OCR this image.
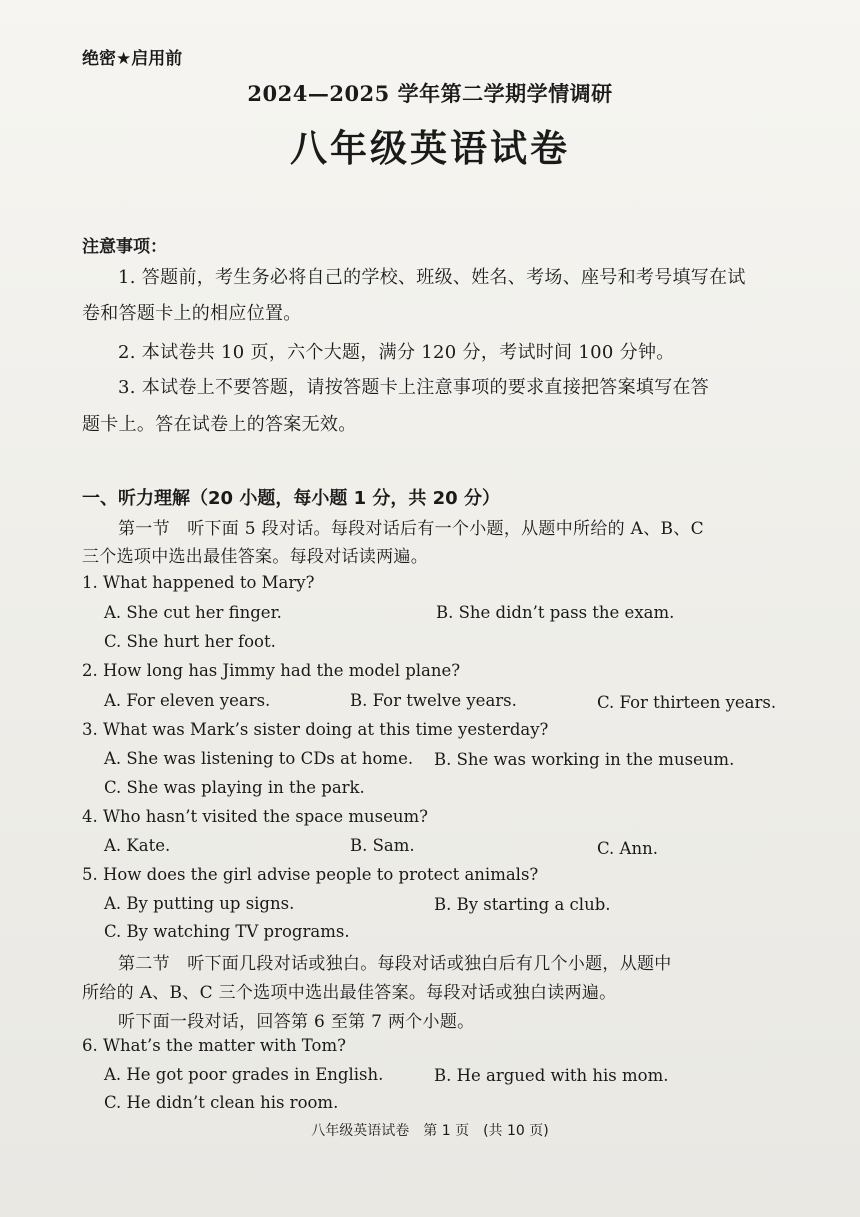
绝密★启用前
2024—2025 学年第二学期学情调研
八年级英语试卷
注意事项：
1. 答题前，考生务必将自己的学校、班级、姓名、考场、座号和考号填写在试
卷和答题卡上的相应位置。
2. 本试卷共 10 页，六个大题，满分 120 分，考试时间 100 分钟。
3. 本试卷上不要答题，请按答题卡上注意事项的要求直接把答案填写在答
题卡上。答在试卷上的答案无效。
一、听力理解（20 小题，每小题 1 分，共 20 分）
第一节　听下面 5 段对话。每段对话后有一个小题，从题中所给的 A、B、C
三个选项中选出最佳答案。每段对话读两遍。
1. What happened to Mary?
A. She cut her finger.	B. She didn’t pass the exam.
C. She hurt her foot.
2. How long has Jimmy had the model plane?
A. For eleven years.	B. For twelve years.	C. For thirteen years.
3. What was Mark’s sister doing at this time yesterday?
A. She was listening to CDs at home. B. She was working in the museum.
C. She was playing in the park.
4. Who hasn’t visited the space museum?
A. Kate.	B. Sam.	C. Ann.
5. How does the girl advise people to protect animals?
A. By putting up signs.	B. By starting a club.
C. By watching TV programs.
第二节　听下面几段对话或独白。每段对话或独白后有几个小题，从题中
所给的 A、B、C 三个选项中选出最佳答案。每段对话或独白读两遍。
听下面一段对话，回答第 6 至第 7 两个小题。
6. What’s the matter with Tom?
A. He got poor grades in English.	B. He argued with his mom.
C. He didn’t clean his room.
八年级英语试卷　第 1 页　(共 10 页)
